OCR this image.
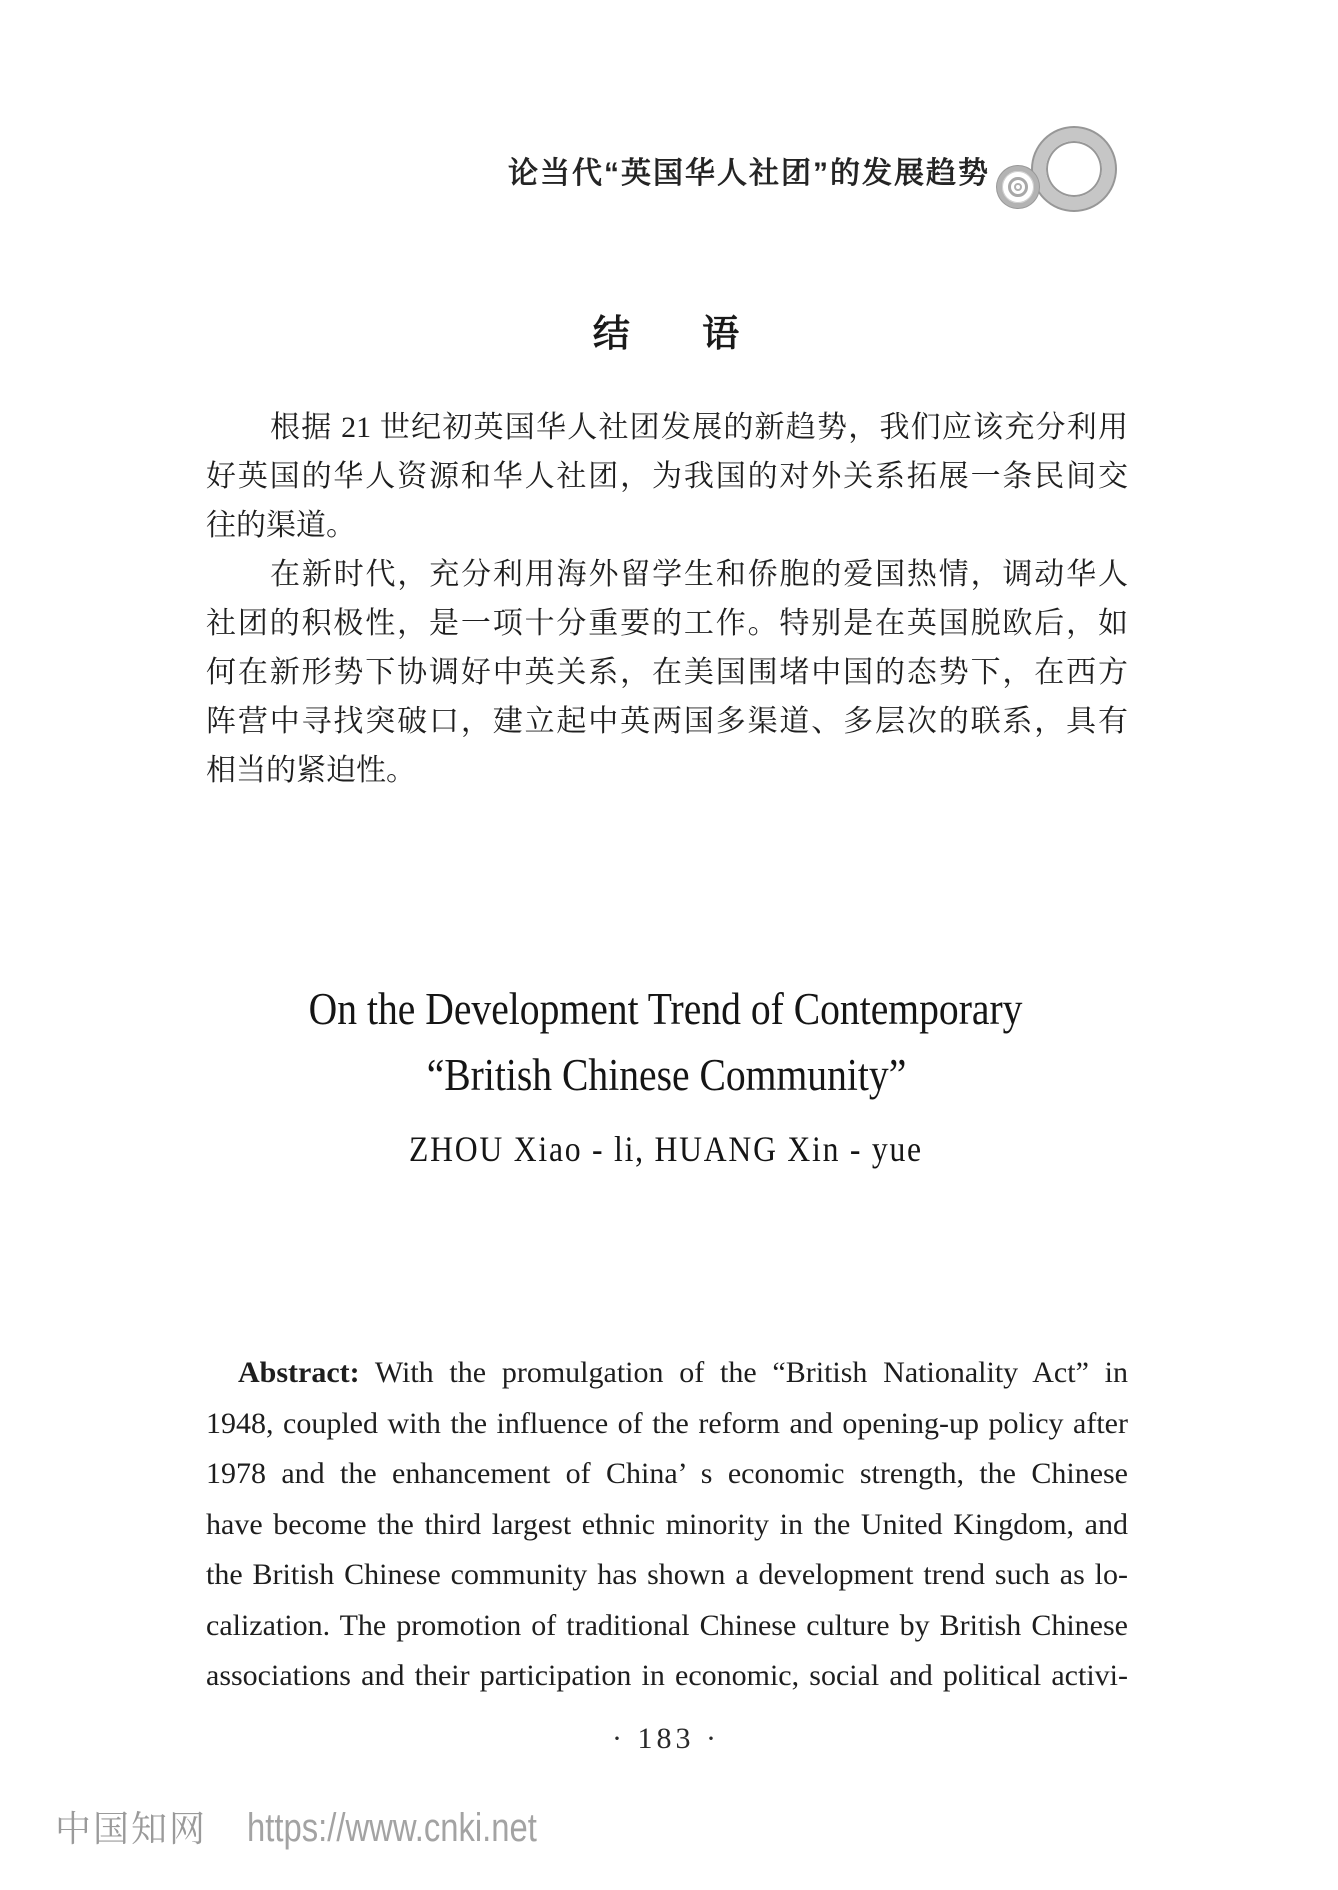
论当代“英国华人社团”的发展趋势
结 语
根据 21 世纪初英国华人社团发展的新趋势，我们应该充分利用
好英国的华人资源和华人社团，为我国的对外关系拓展一条民间交
往的渠道。
在新时代，充分利用海外留学生和侨胞的爱国热情，调动华人
社团的积极性，是一项十分重要的工作。特别是在英国脱欧后，如
何在新形势下协调好中英关系，在美国围堵中国的态势下，在西方
阵营中寻找突破口，建立起中英两国多渠道、多层次的联系，具有
相当的紧迫性。
On the Development Trend of Contemporary
“British Chinese Community”
ZHOU Xiao - li, HUANG Xin - yue
Abstract: With the promulgation of the “British Nationality Act” in
1948, coupled with the influence of the reform and opening-up policy after
1978 and the enhancement of China’ s economic strength, the Chinese
have become the third largest ethnic minority in the United Kingdom, and
the British Chinese community has shown a development trend such as lo-
calization. The promotion of traditional Chinese culture by British Chinese
associations and their participation in economic, social and political activi-
· 183 ·
中国知网 https://www.cnki.net
